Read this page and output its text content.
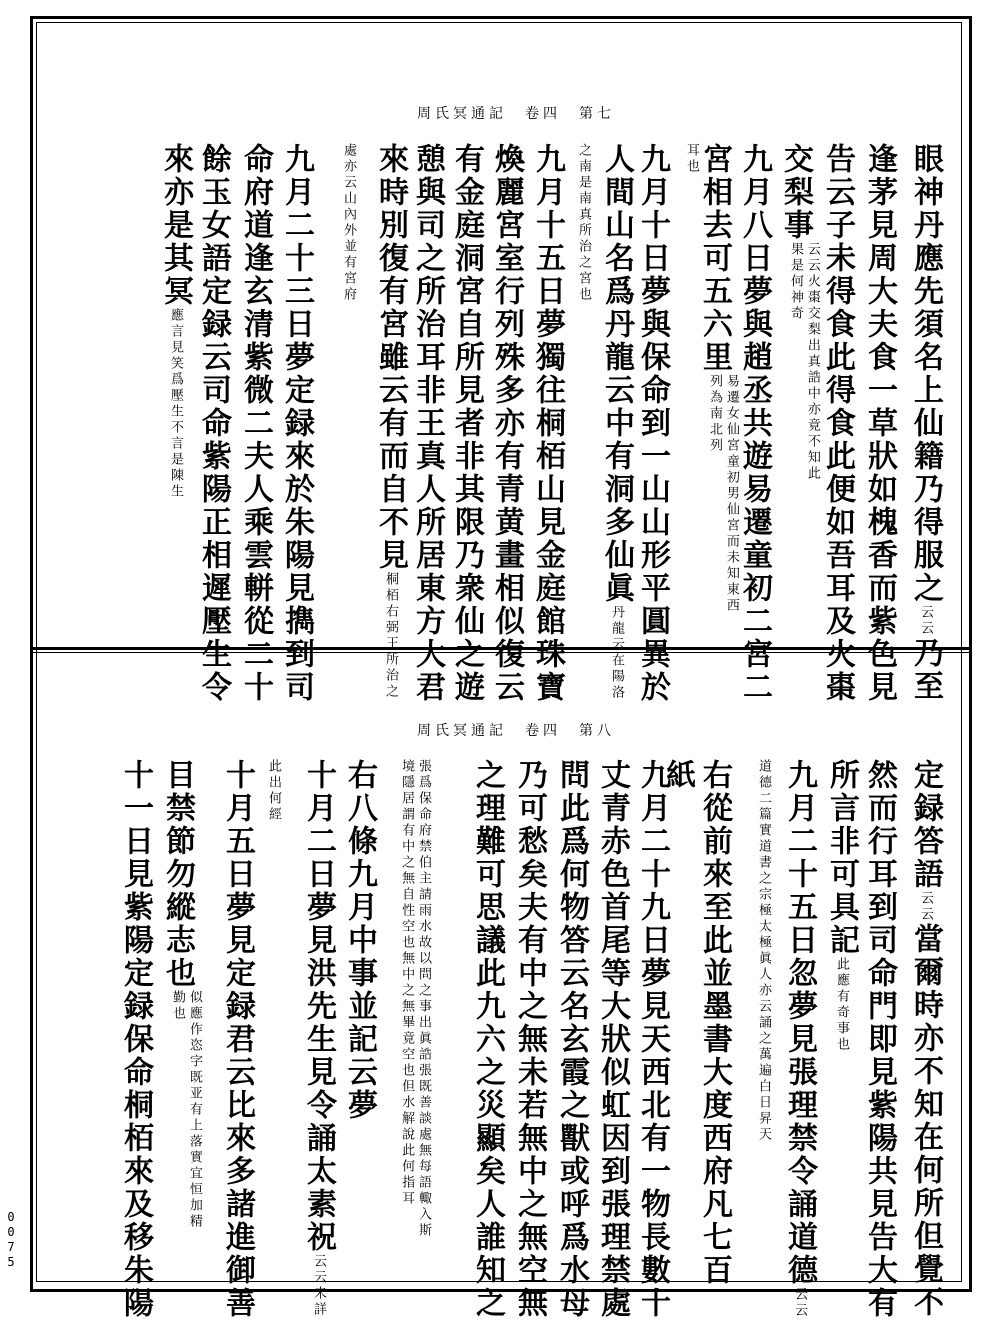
周氏冥通記　卷四　第七
眼神丹應先須名上仙籍乃得服之云云乃至
逢茅見周大夫食一草狀如槐香而紫色見
告云子未得食此得食此便如吾耳及火棗
交梨事云云火棗交梨出真誥中亦竟不知此果是何神奇
九月八日夢與趙丞共遊易遷童初二宮二
宮相去可五六里易遷女仙宮童初男仙宮而未知東西列為南北列
耳也
九月十日夢與保命到一山山形平圓異於
人間山名爲丹龍云中有洞多仙眞丹龍云在陽洛
之南是南真所治之宮也
九月十五日夢獨往桐栢山見金庭館珠寶
煥麗宮室行列殊多亦有青黄畫相似復云
有金庭洞宮自所見者非其限乃衆仙之遊
憩與司之所治耳非王真人所居東方大君
來時別復有宮雖云有而自不見桐栢右弼王所治之
處亦云山內外並有宮府
九月二十三日夢定録來於朱陽見擕到司
命府道逢玄清紫微二夫人乘雲軿從二十
餘玉女語定録云司命紫陽正相遲壓生令
來亦是其冥應言見笑爲壓生不言是陳生
周氏冥通記　卷四　第八
定録答語云云當爾時亦不知在何所但覺不
然而行耳到司命門即見紫陽共見告大有
所言非可具記此應有奇事也
九月二十五日忽夢見張理禁令誦道德云云
道德二篇實道書之宗極太極眞人亦云誦之萬遍白日昇天
右從前來至此並墨書大度西府凡七百
紙
九月二十九日夢見天西北有一物長數十
丈青赤色首尾等大狀似虹因到張理禁處
問此爲何物答云名玄霞之獸或呼爲水母
乃可愁矣夫有中之無未若無中之無空無
之理難可思議此九六之災顯矣人誰知之
張爲保命府禁伯主請雨水故以問之事出眞誥張既善談處無每語輙入斯境隱居謂有中之無自性空也無中之無畢竟空也但水解說此何指耳
右八條九月中事並記云夢
十月二日夢見洪先生見令誦太素祝云云未詳
此出何經
十月五日夢見定録君云比來多諸進御善
目禁節勿縱志也似應作恣字既亚有上落實宜恒加精勤也
十一日見紫陽定録保命桐栢來及移朱陽
0075
